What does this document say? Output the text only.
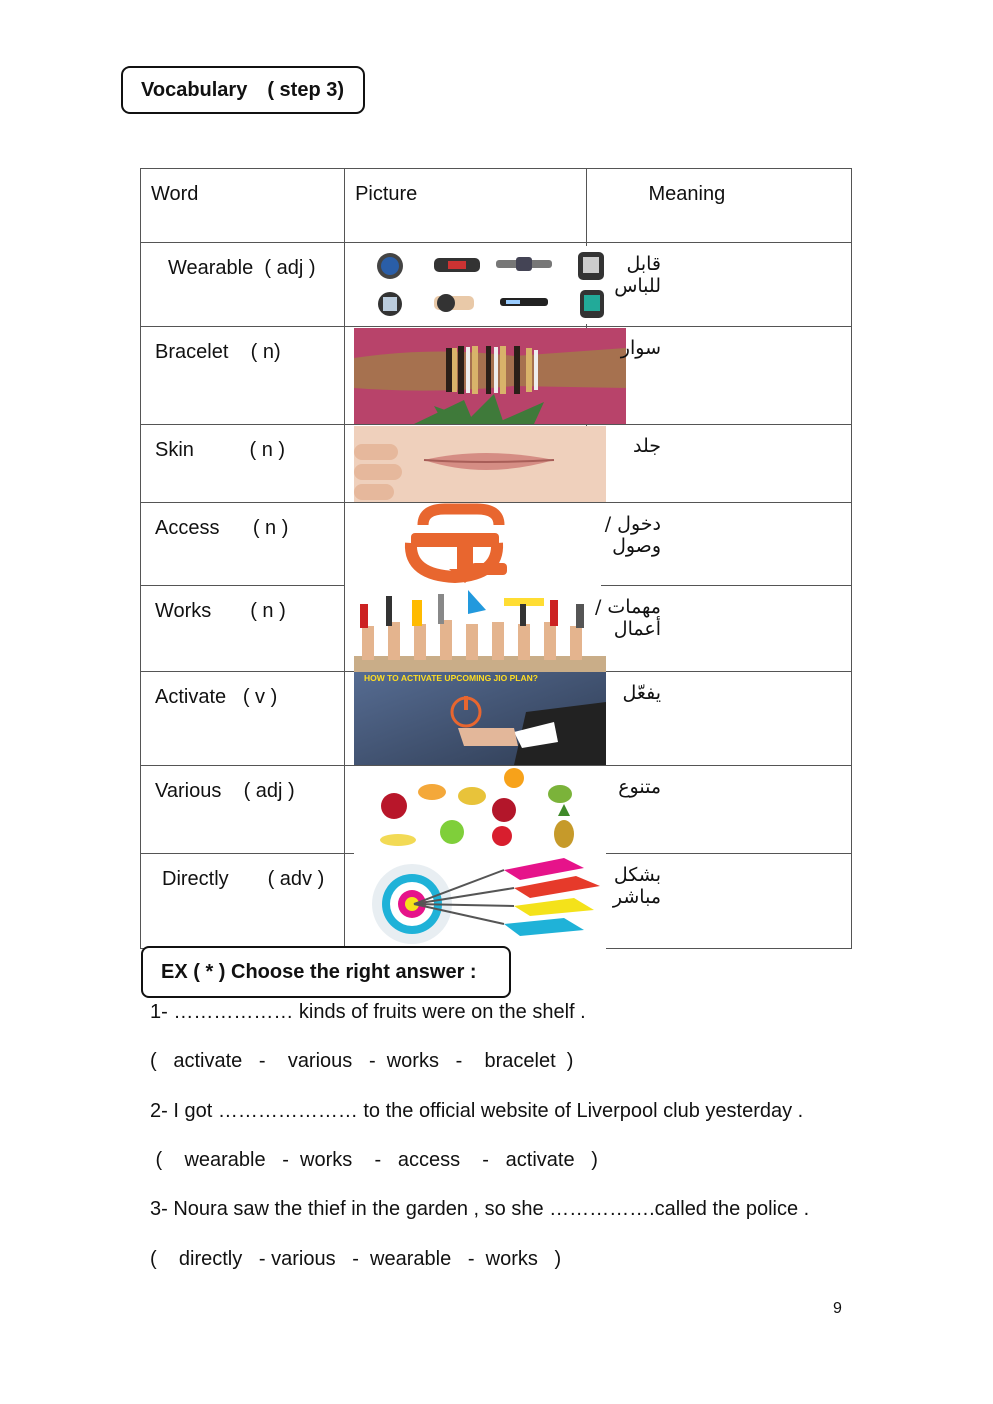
Vocabulary ( step 3)
Word	Picture	Meaning
Wearable ( adj )		قابل للباس
Bracelet ( n)		سوار
Skin ( n )		جلد
Access ( n )		دخول / وصول
Works ( n )		مهمات / أعمال
Activate ( v )	HOW TO ACTIVATE UPCOMING JIO PLAN?	يفعّل
Various ( adj )		متنوع
Directly ( adv )		بشكل مباشر
EX ( * ) Choose the right answer :
1- ……………… kinds of fruits were on the shelf .
(   activate   -    various   -  works   -    bracelet  )
2- I got ………………… to the official website of Liverpool club yesterday .
(    wearable   -  works    -   access    -   activate   )
3- Noura saw the thief in the garden , so she …………….called the police .
(    directly   - various   -  wearable   -  works   )
9
